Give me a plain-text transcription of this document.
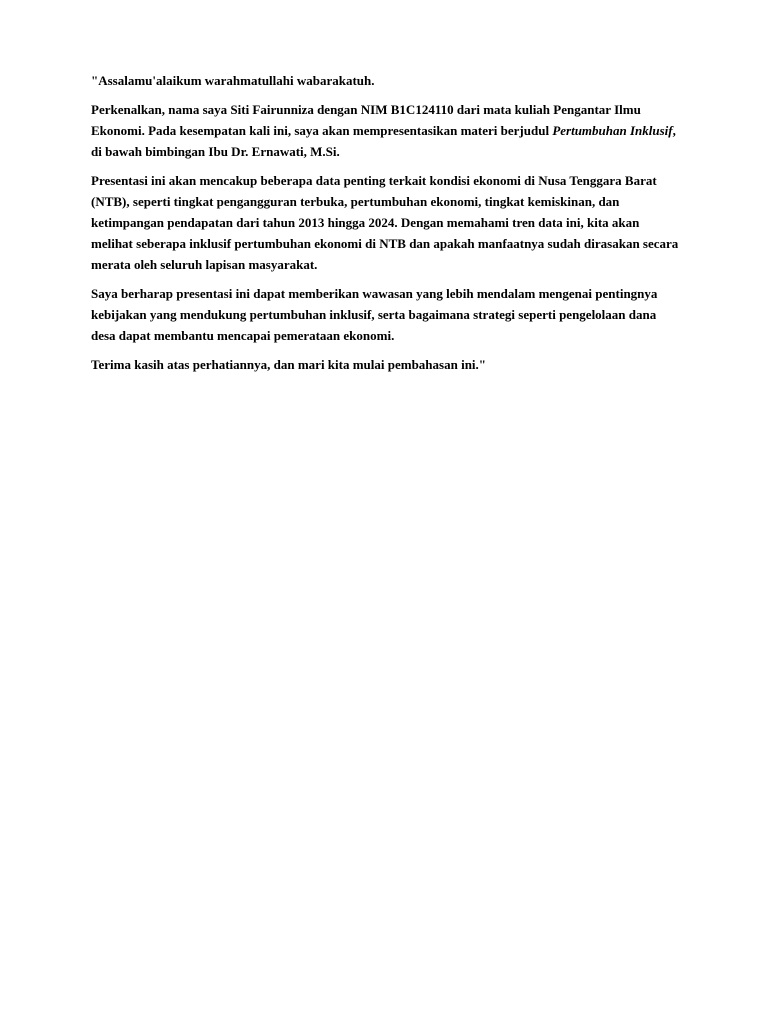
"Assalamu'alaikum warahmatullahi wabarakatuh.

Perkenalkan, nama saya Siti Fairunniza dengan NIM B1C124110 dari mata kuliah Pengantar Ilmu Ekonomi. Pada kesempatan kali ini, saya akan mempresentasikan materi berjudul Pertumbuhan Inklusif, di bawah bimbingan Ibu Dr. Ernawati, M.Si.

Presentasi ini akan mencakup beberapa data penting terkait kondisi ekonomi di Nusa Tenggara Barat (NTB), seperti tingkat pengangguran terbuka, pertumbuhan ekonomi, tingkat kemiskinan, dan ketimpangan pendapatan dari tahun 2013 hingga 2024. Dengan memahami tren data ini, kita akan melihat seberapa inklusif pertumbuhan ekonomi di NTB dan apakah manfaatnya sudah dirasakan secara merata oleh seluruh lapisan masyarakat.

Saya berharap presentasi ini dapat memberikan wawasan yang lebih mendalam mengenai pentingnya kebijakan yang mendukung pertumbuhan inklusif, serta bagaimana strategi seperti pengelolaan dana desa dapat membantu mencapai pemerataan ekonomi.

Terima kasih atas perhatiannya, dan mari kita mulai pembahasan ini."
